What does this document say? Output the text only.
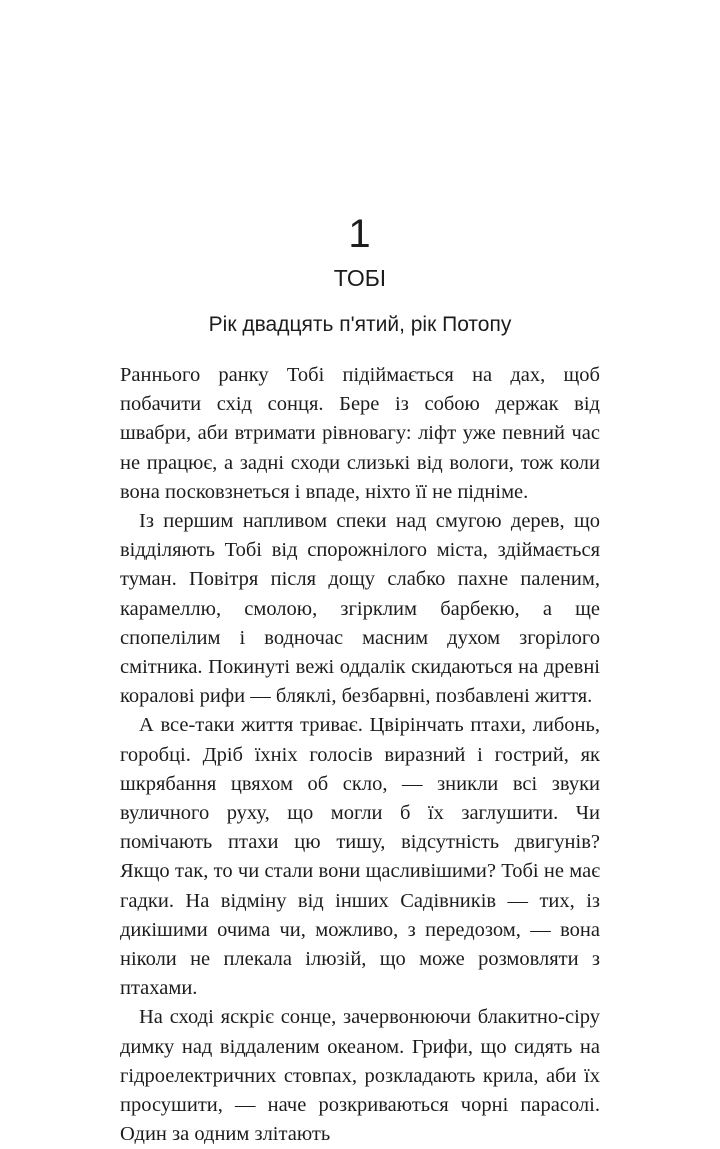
1
ТОБІ
Рік двадцять п'ятий, рік Потопу

Раннього ранку Тобі підіймається на дах, щоб побачити схід сонця. Бере із собою держак від швабри, аби втримати рівновагу: ліфт уже певний час не працює, а задні сходи слизькі від вологи, тож коли вона посковзнеться і впаде, ніхто її не підніме.

Із першим напливом спеки над смугою дерев, що відділяють Тобі від спорожнілого міста, здіймається туман. Повітря після дощу слабко пахне паленим, карамеллю, смолою, згірклим барбекю, а ще спопелілим і водночас масним духом згорілого смітника. Покинуті вежі оддалік скидаються на древні коралові рифи — бляклі, безбарвні, позбавлені життя.

А все-таки життя триває. Цвірінчать птахи, либонь, горобці. Дріб їхніх голосів виразний і гострий, як шкрябання цвяхом об скло, — зникли всі звуки вуличного руху, що могли б їх заглушити. Чи помічають птахи цю тишу, відсутність двигунів? Якщо так, то чи стали вони щасливішими? Тобі не має гадки. На відміну від інших Садівників — тих, із дикішими очима чи, можливо, з передозом, — вона ніколи не плекала ілюзій, що може розмовляти з птахами.

На сході яскріє сонце, зачервонюючи блакитно-сіру димку над віддаленим океаном. Грифи, що сидять на гідроелектричних стовпах, розкладають крила, аби їх просушити, — наче розкриваються чорні парасолі. Один за одним злітають
